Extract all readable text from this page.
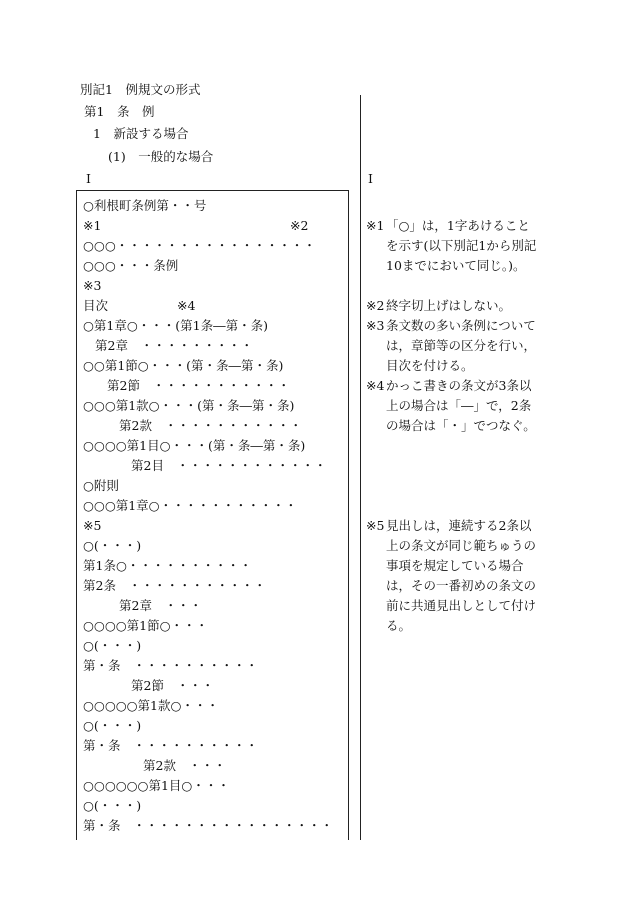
別記1　例規文の形式
第1　条　例
1　新設する場合
(1)　一般的な場合
I	I
○利根町条例第・・号
※1	※2
○○○・・・・・・・・・・・・・・・・
○○○・・・条例
※3
目次	※4
○第1章○・・・(第1条―第・条)
第2章　・・・・・・・・・
○○第1節○・・・(第・条―第・条)
第2節　・・・・・・・・・・・
○○○第1款○・・・(第・条―第・条)
第2款　・・・・・・・・・・・
○○○○第1目○・・・(第・条―第・条)
第2目　・・・・・・・・・・・・
○附則
○○○第1章○・・・・・・・・・・・
※5
○(・・・)
第1条○・・・・・・・・・・
第2条　・・・・・・・・・・・
第2章　・・・
○○○○第1節○・・・
○(・・・)
第・条　・・・・・・・・・・
第2節　・・・
○○○○○第1款○・・・
○(・・・)
第・条　・・・・・・・・・・
第2款　・・・
○○○○○○第1目○・・・
○(・・・)
第・条　・・・・・・・・・・・・・・・・
※1 「○」は，1字あけることを示す(以下別記1から別記10までにおいて同じ。)。
※2 終字切上げはしない。
※3 条文数の多い条例については，章節等の区分を行い，目次を付ける。
※4 かっこ書きの条文が3条以上の場合は「―」で，2条の場合は「・」でつなぐ。
※5 見出しは，連続する2条以上の条文が同じ範ちゅうの事項を規定している場合は，その一番初めの条文の前に共通見出しとして付ける。
